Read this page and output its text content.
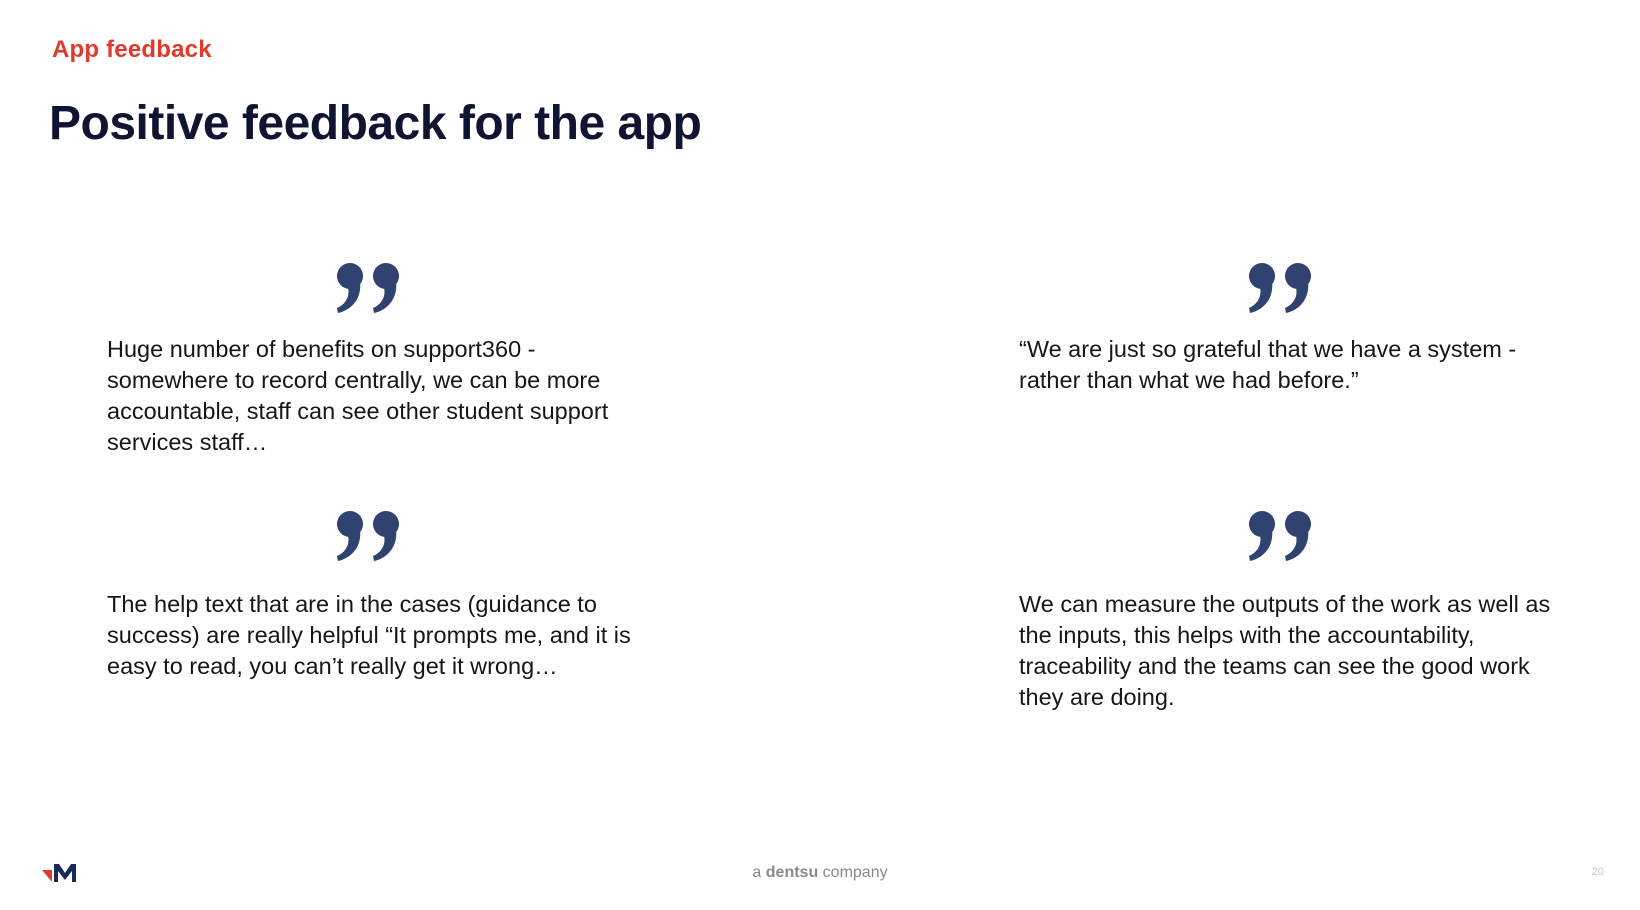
App feedback
Positive feedback for the app

Huge number of benefits on support360 - somewhere to record centrally, we can be more accountable, staff can see other student support services staff…

“We are just so grateful that we have a system - rather than what we had before.”

The help text that are in the cases (guidance to success) are really helpful “It prompts me, and it is easy to read, you can’t really get it wrong…

We can measure the outputs of the work as well as the inputs, this helps with the accountability, traceability and the teams can see the good work they are doing.

a dentsu company	20
